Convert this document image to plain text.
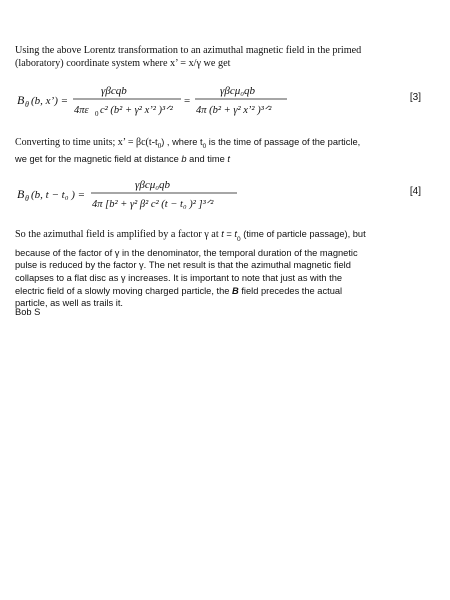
Using the above Lorentz transformation to an azimuthal magnetic field in the primed
(laboratory) coordinate system where x’ = x/γ we get
B θ (b, x’) =
γβcqb
4πε 0 c² (b² + γ² x’² )³ᐟ²
=
γβcμ₀qb
4π (b² + γ² x’² )³ᐟ²
[3]
Converting to time units; x’ = $\beta c(t-t_0)$ , where $t_0$ is the time of passage of the particle,
we get for the magnetic field at distance b and time t
B θ (b, t − t₀ ) =
γβcμ₀qb
4π [b² + γ² β² c² (t − t₀ )² ]³ᐟ²
[4]
So the azimuthal field is amplified by a factor γ at $t = t_0$ (time of particle passage), but
because of the factor of γ in the denominator, the temporal duration of the magnetic
pulse is reduced by the factor γ. The net result is that the azimuthal magnetic field
collapses to a flat disc as γ increases. It is important to note that just as with the
electric field of a slowly moving charged particle, the B field precedes the actual
particle, as well as trails it.
Bob S
